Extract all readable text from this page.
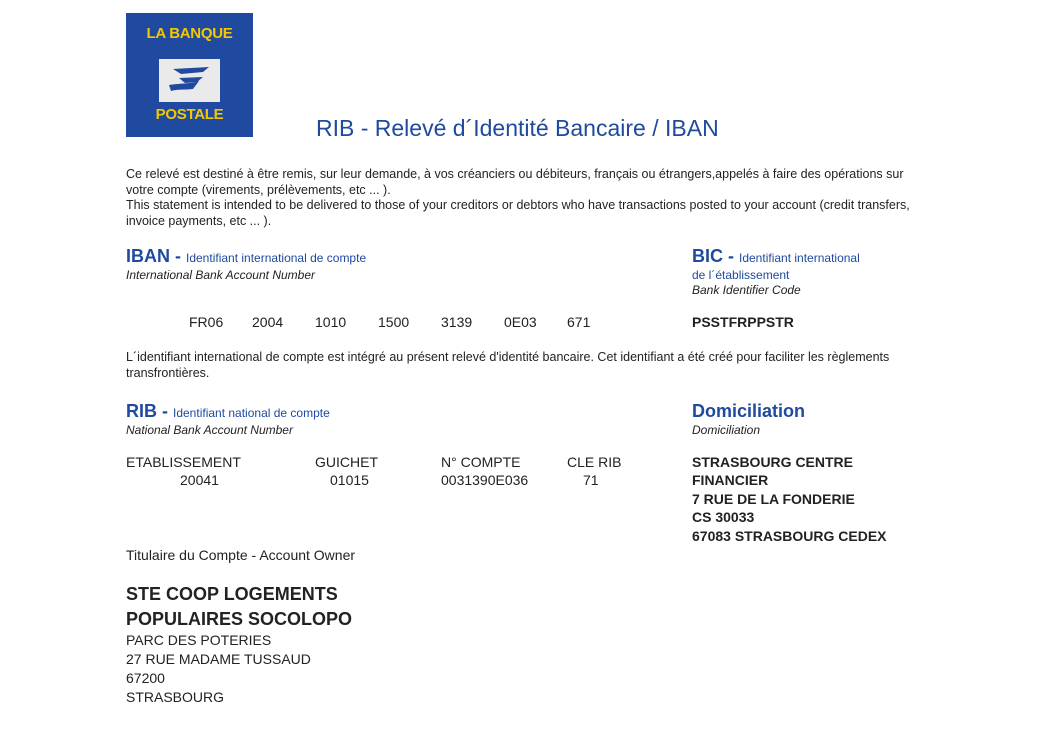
LA BANQUE
POSTALE
RIB - Relevé d´Identité Bancaire / IBAN
Ce relevé est destiné à être remis, sur leur demande, à vos créanciers ou débiteurs, français ou étrangers,appelés à faire des opérations sur votre compte (virements, prélèvements, etc ... ).
This statement is intended to be delivered to those of your creditors or debtors who have transactions posted to your account (credit transfers, invoice payments, etc ... ).
IBAN - Identifiant international de compte
International Bank Account Number
BIC - Identifiant international
de l´établissement
Bank Identifier Code
FR06 2004 1010 1500 3139 0E03 671	PSSTFRPPSTR
L´identifiant international de compte est intégré au présent relevé d'identité bancaire. Cet identifiant a été créé pour faciliter les règlements transfrontières.
RIB - Identifiant national de compte
National Bank Account Number
Domiciliation
Domiciliation
ETABLISSEMENT
20041
GUICHET
01015
N° COMPTE
0031390E036
CLE RIB
71
STRASBOURG CENTRE
FINANCIER
7 RUE DE LA FONDERIE
CS 30033
67083 STRASBOURG CEDEX
Titulaire du Compte - Account Owner
STE COOP LOGEMENTS
POPULAIRES SOCOLOPO
PARC DES POTERIES
27 RUE MADAME TUSSAUD
67200
STRASBOURG
